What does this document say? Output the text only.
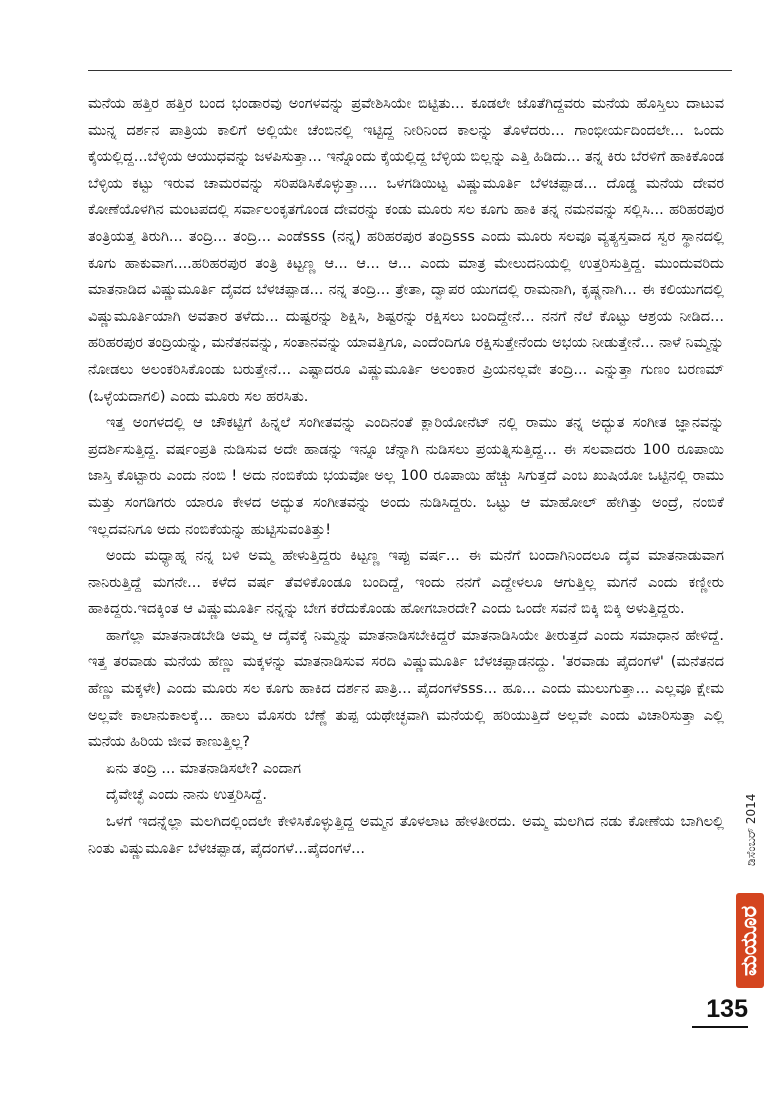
ಮನೆಯ ಹತ್ತಿರ ಹತ್ತಿರ ಬಂದ ಭಂಡಾರವು ಅಂಗಳವನ್ನು ಪ್ರವೇಶಿಸಿಯೇ ಬಿಟ್ಟಿತು... ಕೂಡಲೇ ಜೊತೆಗಿದ್ದವರು ಮನೆಯ ಹೊಸ್ತಿಲು ದಾಟುವ ಮುನ್ನ ದರ್ಶನ ಪಾತ್ರಿಯ ಕಾಲಿಗೆ ಅಲ್ಲಿಯೇ ಚೆಂಬಿನಲ್ಲಿ ಇಟ್ಟಿದ್ದ ನೀರಿನಿಂದ ಕಾಲನ್ನು ತೊಳೆದರು... ಗಾಂಭೀರ್ಯದಿಂದಲೇ... ಒಂದು ಕೈಯಲ್ಲಿದ್ದ...ಬೆಳ್ಳಿಯ ಆಯುಧವನ್ನು ಜಳಪಿಸುತ್ತಾ... ಇನ್ನೊಂದು ಕೈಯಲ್ಲಿದ್ದ ಬೆಳ್ಳಿಯ ಬಿಲ್ಲನ್ನು ಎತ್ತಿ ಹಿಡಿದು... ತನ್ನ ಕಿರು ಬೆರಳಿಗೆ ಹಾಕಿಕೊಂಡ ಬೆಳ್ಳಿಯ ಕಟ್ಟು ಇರುವ ಚಾಮರವನ್ನು ಸರಿಪಡಿಸಿಕೊಳ್ಳುತ್ತಾ.... ಒಳಗಡಿಯಿಟ್ಟ ವಿಷ್ಣುಮೂರ್ತಿ ಬೆಳಚಪ್ಪಾಡ... ದೊಡ್ಡ ಮನೆಯ ದೇವರ ಕೋಣೆಯೊಳಗಿನ ಮಂಟಪದಲ್ಲಿ ಸರ್ವಾಲಂಕೃತಗೊಂಡ ದೇವರನ್ನು ಕಂಡು ಮೂರು ಸಲ ಕೂಗು ಹಾಕಿ ತನ್ನ ನಮನವನ್ನು ಸಲ್ಲಿಸಿ... ಹರಿಹರಪುರ ತಂತ್ರಿಯತ್ತ ತಿರುಗಿ... ತಂದ್ರಿ... ತಂದ್ರಿ... ಎಂಡೆsss (ನನ್ನ) ಹರಿಹರಪುರ ತಂದ್ರಿsss ಎಂದು ಮೂರು ಸಲವೂ ವ್ಯತ್ಯಸ್ತವಾದ ಸ್ವರ ಸ್ಥಾನದಲ್ಲಿ ಕೂಗು ಹಾಕುವಾಗ....ಹರಿಹರಪುರ ತಂತ್ರಿ ಕಿಟ್ಟಣ್ಣ ಆ... ಆ... ಆ... ಎಂದು ಮಾತ್ರ ಮೇಲುದನಿಯಲ್ಲಿ ಉತ್ತರಿಸುತ್ತಿದ್ದ. ಮುಂದುವರಿದು ಮಾತನಾಡಿದ ವಿಷ್ಣುಮೂರ್ತಿ ದೈವದ ಬೆಳಚಪ್ಪಾಡ... ನನ್ನ ತಂದ್ರಿ... ತ್ರೇತಾ, ದ್ವಾಪರ ಯುಗದಲ್ಲಿ ರಾಮನಾಗಿ, ಕೃಷ್ಣನಾಗಿ... ಈ ಕಲಿಯುಗದಲ್ಲಿ ವಿಷ್ಣುಮೂರ್ತಿಯಾಗಿ ಅವತಾರ ತಳೆದು... ದುಷ್ಟರನ್ನು ಶಿಕ್ಷಿಸಿ, ಶಿಷ್ಟರನ್ನು ರಕ್ಷಿಸಲು ಬಂದಿದ್ದೇನೆ... ನನಗೆ ನೆಲೆ ಕೊಟ್ಟು ಆಶ್ರಯ ನೀಡಿದ... ಹರಿಹರಪುರ ತಂದ್ರಿಯನ್ನು, ಮನೆತನವನ್ನು, ಸಂತಾನವನ್ನು ಯಾವತ್ತಿಗೂ, ಎಂದೆಂದಿಗೂ ರಕ್ಷಿಸುತ್ತೇನೆಂದು ಅಭಯ ನೀಡುತ್ತೇನೆ... ನಾಳೆ ನಿಮ್ಮನ್ನು ನೋಡಲು ಅಲಂಕರಿಸಿಕೊಂಡು ಬರುತ್ತೇನೆ... ಎಷ್ಟಾದರೂ ವಿಷ್ಣುಮೂರ್ತಿ ಅಲಂಕಾರ ಪ್ರಿಯನಲ್ಲವೇ ತಂದ್ರಿ... ಎನ್ನುತ್ತಾ ಗುಣಂ ಬರಣಮ್ (ಒಳ್ಳೆಯದಾಗಲಿ) ಎಂದು ಮೂರು ಸಲ ಹರಸಿತು.

ಇತ್ತ ಅಂಗಳದಲ್ಲಿ ಆ ಚೌಕಟ್ಟಿಗೆ ಹಿನ್ನಲೆ ಸಂಗೀತವನ್ನು ಎಂದಿನಂತೆ ಕ್ಲಾರಿಯೋನೆಟ್ ನಲ್ಲಿ ರಾಮು ತನ್ನ ಅದ್ಭುತ ಸಂಗೀತ ಜ್ಞಾನವನ್ನು ಪ್ರದರ್ಶಿಸುತ್ತಿದ್ದ. ವರ್ಷಂಪ್ರತಿ ನುಡಿಸುವ ಅದೇ ಹಾಡನ್ನು ಇನ್ನೂ ಚೆನ್ನಾಗಿ ನುಡಿಸಲು ಪ್ರಯತ್ನಿಸುತ್ತಿದ್ದ... ಈ ಸಲವಾದರು 100 ರೂಪಾಯಿ ಜಾಸ್ತಿ ಕೊಟ್ಟಾರು ಎಂದು ನಂಬಿ ! ಅದು ನಂಬಿಕೆಯ ಭಯವೋ ಅಲ್ಲ 100 ರೂಪಾಯಿ ಹೆಚ್ಚು ಸಿಗುತ್ತದೆ ಎಂಬ ಖುಷಿಯೋ ಒಟ್ಟಿನಲ್ಲಿ ರಾಮು ಮತ್ತು ಸಂಗಡಿಗರು ಯಾರೂ ಕೇಳದ ಅದ್ಭುತ ಸಂಗೀತವನ್ನು ಅಂದು ನುಡಿಸಿದ್ದರು. ಒಟ್ಟು ಆ ಮಾಹೋಲ್ ಹೇಗಿತ್ತು ಅಂದ್ರೆ, ನಂಬಿಕೆ ಇಲ್ಲದವನಿಗೂ ಅದು ನಂಬಿಕೆಯನ್ನು ಹುಟ್ಟಿಸುವಂತಿತ್ತು!

ಅಂದು ಮಧ್ಯಾಹ್ನ ನನ್ನ ಬಳಿ ಅಮ್ಮ ಹೇಳುತ್ತಿದ್ದರು ಕಿಟ್ಟಣ್ಣ ಇಪ್ಪು ವರ್ಷ... ಈ ಮನೆಗೆ ಬಂದಾಗಿನಿಂದಲೂ ದೈವ ಮಾತನಾಡುವಾಗ ನಾನಿರುತ್ತಿದ್ದೆ ಮಗನೇ... ಕಳೆದ ವರ್ಷ ತೆವಳಿಕೊಂಡೂ ಬಂದಿದ್ದೆ, ಇಂದು ನನಗೆ ಎದ್ದೇಳಲೂ ಆಗುತ್ತಿಲ್ಲ ಮಗನೆ ಎಂದು ಕಣ್ಣೀರು ಹಾಕಿದ್ದರು.ಇದಕ್ಕಿಂತ ಆ ವಿಷ್ಣುಮೂರ್ತಿ ನನ್ನನ್ನು ಬೇಗ ಕರೆದುಕೊಂಡು ಹೋಗಬಾರದೇ? ಎಂದು ಒಂದೇ ಸವನೆ ಬಿಕ್ಕಿ ಬಿಕ್ಕಿ ಅಳುತ್ತಿದ್ದರು.

ಹಾಗೆಲ್ಲಾ ಮಾತನಾಡಬೇಡಿ ಅಮ್ಮ ಆ ದೈವಕ್ಕೆ ನಿಮ್ಮನ್ನು ಮಾತನಾಡಿಸಬೇಕಿದ್ದರೆ ಮಾತನಾಡಿಸಿಯೇ ತೀರುತ್ತದೆ ಎಂದು ಸಮಾಧಾನ ಹೇಳಿದ್ದೆ. ಇತ್ತ ತರವಾಡು ಮನೆಯ ಹೆಣ್ಣು ಮಕ್ಕಳನ್ನು ಮಾತನಾಡಿಸುವ ಸರದಿ ವಿಷ್ಣುಮೂರ್ತಿ ಬೆಳಚಪ್ಪಾಡನದ್ದು. 'ತರವಾಡು ಪೈದಂಗಳೆ' (ಮನೆತನದ ಹೆಣ್ಣು ಮಕ್ಕಳೇ) ಎಂದು ಮೂರು ಸಲ ಕೂಗು ಹಾಕಿದ ದರ್ಶನ ಪಾತ್ರಿ... ಪೈದಂಗಳೆsss... ಹೂ... ಎಂದು ಮುಲುಗುತ್ತಾ... ಎಲ್ಲವೂ ಕ್ಷೇಮ ಅಲ್ಲವೇ ಕಾಲಾನುಕಾಲಕ್ಕೆ... ಹಾಲು ಮೊಸರು ಬೆಣ್ಣೆ ತುಪ್ಪ ಯಥೇಚ್ಛವಾಗಿ ಮನೆಯಲ್ಲಿ ಹರಿಯುತ್ತಿದೆ ಅಲ್ಲವೇ ಎಂದು ವಿಚಾರಿಸುತ್ತಾ ಎಲ್ಲಿ ಮನೆಯ ಹಿರಿಯ ಜೀವ ಕಾಣುತ್ತಿಲ್ಲ?

ಏನು ತಂದ್ರಿ ... ಮಾತನಾಡಿಸಲೇ? ಎಂದಾಗ

ದೈವೇಚ್ಛೆ ಎಂದು ನಾನು ಉತ್ತರಿಸಿದ್ದೆ.

ಒಳಗೆ ಇದನ್ನೆಲ್ಲಾ ಮಲಗಿದಲ್ಲಿಂದಲೇ ಕೇಳಿಸಿಕೊಳ್ಳುತ್ತಿದ್ದ ಅಮ್ಮನ ತೊಳಲಾಟ ಹೇಳತೀರದು. ಅಮ್ಮ ಮಲಗಿದ ನಡು ಕೋಣೆಯ ಬಾಗಿಲಲ್ಲಿ ನಿಂತು ವಿಷ್ಣುಮೂರ್ತಿ ಬೆಳಚಪ್ಪಾಡ, ಪೈದಂಗಳೆ...ಪೈದಂಗಳೆ...	ಡಿಸೆಂಬರ್ 2014
ಮಯೂರ
135
